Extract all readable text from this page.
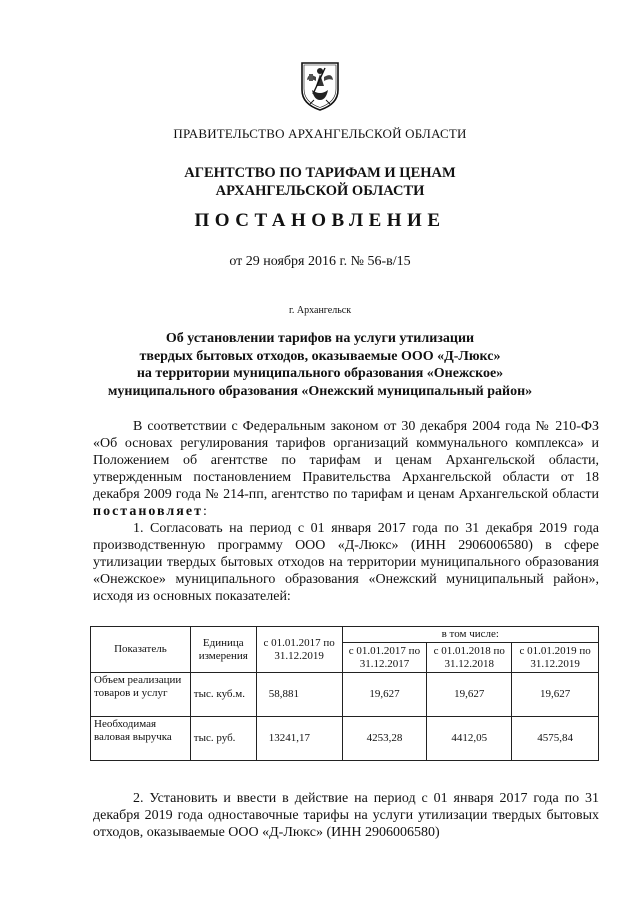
ПРАВИТЕЛЬСТВО АРХАНГЕЛЬСКОЙ ОБЛАСТИ
АГЕНТСТВО ПО ТАРИФАМ И ЦЕНАМ
АРХАНГЕЛЬСКОЙ ОБЛАСТИ
ПОСТАНОВЛЕНИЕ
от 29 ноября 2016 г. № 56-в/15
г. Архангельск
Об установлении тарифов на услуги утилизации
твердых бытовых отходов, оказываемые ООО «Д-Люкс»
на территории муниципального образования «Онежское»
муниципального образования «Онежский муниципальный район»

В соответствии с Федеральным законом от 30 декабря 2004 года № 210-ФЗ «Об основах регулирования тарифов организаций коммунального комплекса» и Положением об агентстве по тарифам и ценам Архангельской области, утвержденным постановлением Правительства Архангельской области от 18 декабря 2009 года № 214-пп, агентство по тарифам и ценам Архангельской области постановляет:

1. Согласовать на период с 01 января 2017 года по 31 декабря 2019 года производственную программу ООО «Д-Люкс» (ИНН 2906006580) в сфере утилизации твердых бытовых отходов на территории муниципального образования «Онежское» муниципального образования «Онежский муниципальный район», исходя из основных показателей:

Показатель	Единица измерения	с 01.01.2017 по 31.12.2019	в том числе:		
			с 01.01.2017 по 31.12.2017	с 01.01.2018 по 31.12.2018	с 01.01.2019 по 31.12.2019
Объем реализации товаров и услуг	тыс. куб.м.	58,881	19,627	19,627	19,627
Необходимая валовая выручка	тыс. руб.	13241,17	4253,28	4412,05	4575,84

2. Установить и ввести в действие на период с 01 января 2017 года по 31 декабря 2019 года одноставочные тарифы на услуги утилизации твердых бытовых отходов, оказываемые ООО «Д-Люкс» (ИНН 2906006580)
